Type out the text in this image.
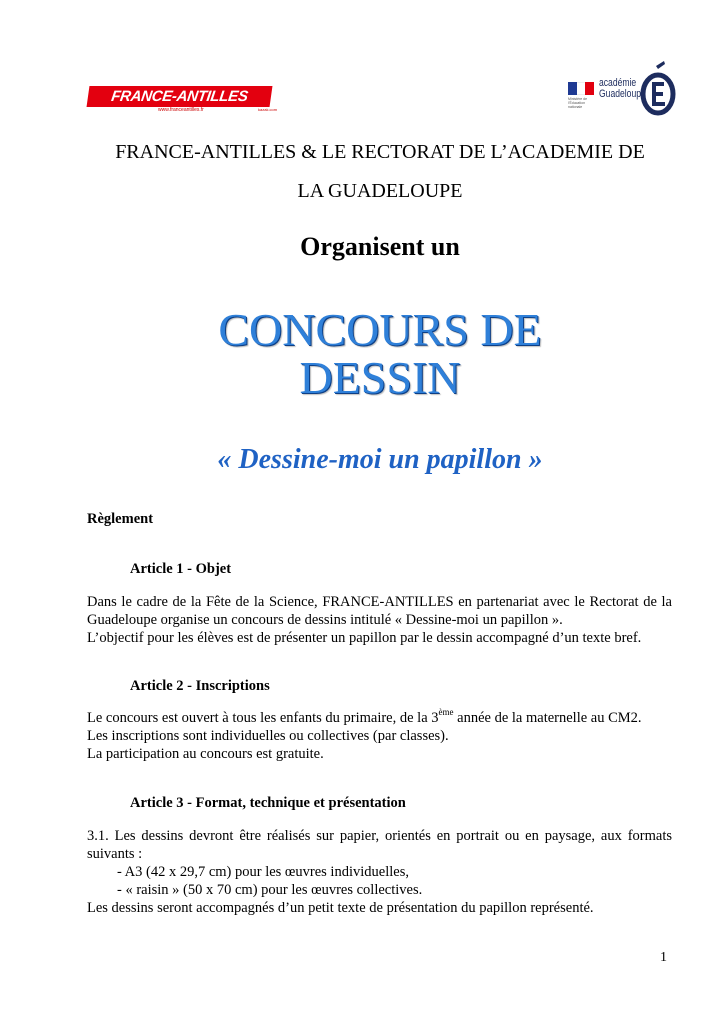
FRANCE-ANTILLES
www.franceantilles.fr	kazak.com
Ministère de l'Éducation nationale
académie
Guadeloupe
FRANCE-ANTILLES & LE RECTORAT DE L’ACADEMIE DE
LA GUADELOUPE
Organisent un
CONCOURS DE
DESSIN
« Dessine-moi un papillon »
Règlement
Article 1 - Objet
Dans le cadre de la Fête de la Science, FRANCE-ANTILLES en partenariat avec le Rectorat de la
Guadeloupe organise un concours de dessins intitulé « Dessine-moi un papillon ».
L’objectif pour les élèves est de présenter un papillon par le dessin accompagné d’un texte bref.
Article 2 - Inscriptions
Le concours est ouvert à tous les enfants du primaire, de la 3ème année de la maternelle au CM2.
Les inscriptions sont individuelles ou collectives (par classes).
La participation au concours est gratuite.
Article 3 - Format, technique et présentation
3.1. Les dessins devront être réalisés sur papier, orientés en portrait ou en paysage, aux formats
suivants :
- A3 (42 x 29,7 cm) pour les œuvres individuelles,
- « raisin » (50 x 70 cm) pour les œuvres collectives.
Les dessins seront accompagnés d’un petit texte de présentation du papillon représenté.
1
